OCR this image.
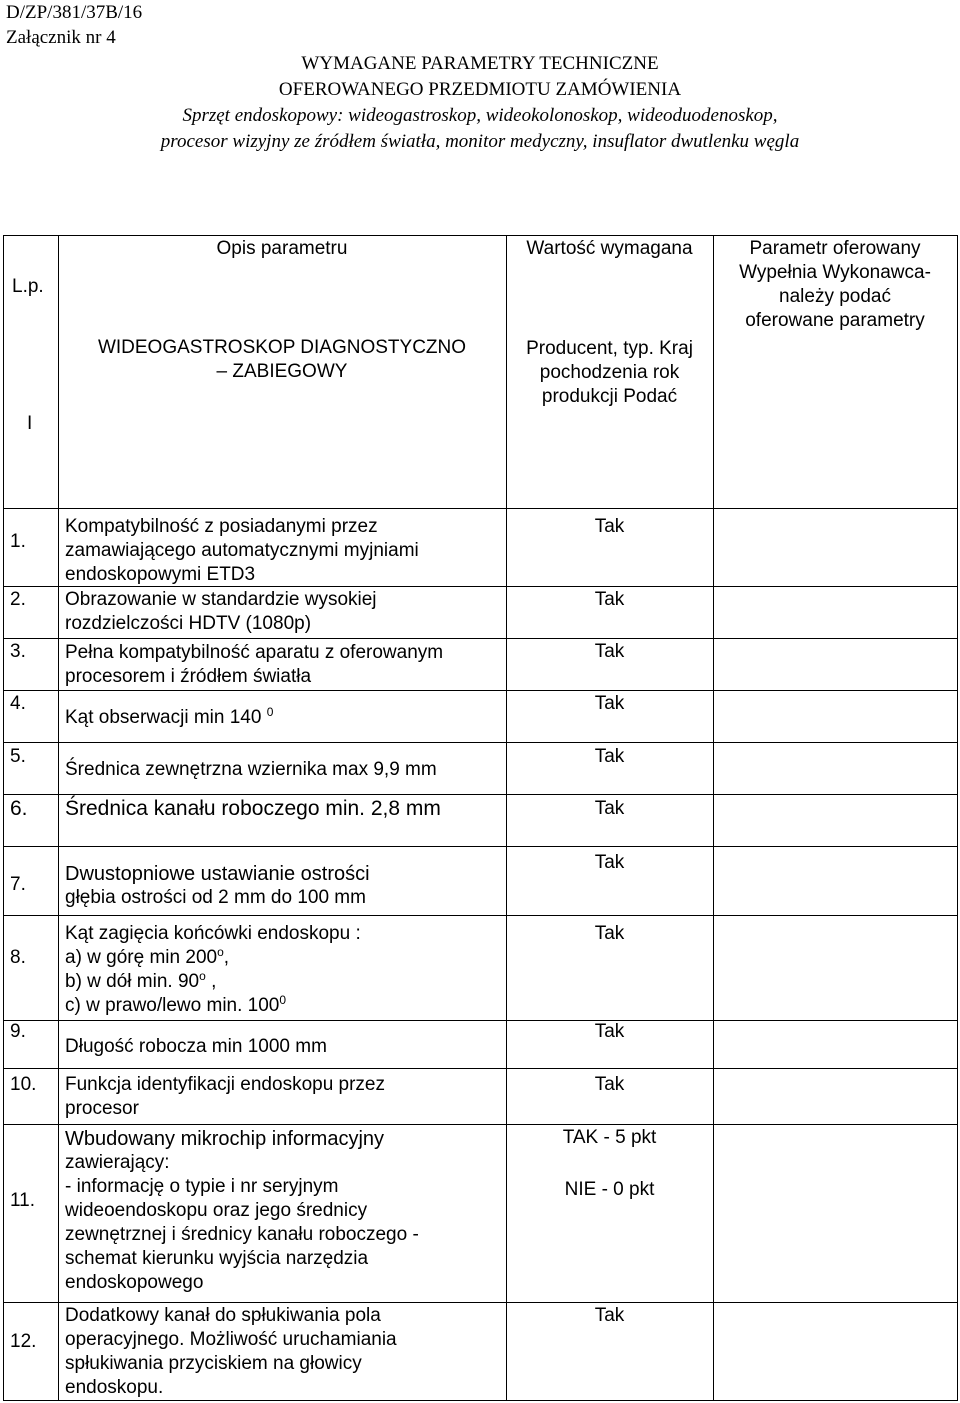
D/ZP/381/37B/16
Załącznik nr 4
WYMAGANE PARAMETRY TECHNICZNE
OFEROWANEGO PRZEDMIOTU ZAMÓWIENIA
Sprzęt endoskopowy: wideogastroskop, wideokolonoskop, wideoduodenoskop,
procesor wizyjny ze źródłem światła, monitor medyczny, insuflator dwutlenku węgla
L.p.
I
Opis parametru
WIDEOGASTROSKOP DIAGNOSTYCZNO
– ZABIEGOWY
Wartość wymagana
Producent, typ. Kraj
pochodzenia rok
produkcji Podać
Parametr oferowany
Wypełnia Wykonawca-
należy podać
oferowane parametry
1.
Kompatybilność z posiadanymi przez
zamawiającego automatycznymi myjniami
endoskopowymi ETD3
Tak
2. Obrazowanie w standardzie wysokiej
rozdzielczości HDTV (1080p)
Tak
3. Pełna kompatybilność aparatu z oferowanym
procesorem i źródłem światła
Tak
4.
Kąt obserwacji min 140 $^0$	Tak
5.
Średnica zewnętrzna wziernika max 9,9 mm
Tak
6. Średnica kanału roboczego min. 2,8 mm	Tak
7. Dwustopniowe ustawianie ostrości
głębia ostrości od 2 mm do 100 mm
Tak
8.
Kąt zagięcia końcówki endoskopu :
a) w górę min 200$^o$,
b) w dół min. 90$^o$ ,
c) w prawo/lewo min. $100^0$
Tak
9.
Długość robocza min 1000 mm
Tak
10. Funkcja identyfikacji endoskopu przez
procesor
Tak
11.
Wbudowany mikrochip informacyjny
zawierający:
- informację o typie i nr seryjnym
wideoendoskopu oraz jego średnicy
zewnętrznej i średnicy kanału roboczego -
schemat kierunku wyjścia narzędzia
endoskopowego
TAK - 5 pkt
NIE - 0 pkt
12.
Dodatkowy kanał do spłukiwania pola
operacyjnego. Możliwość uruchamiania
spłukiwania przyciskiem na głowicy
endoskopu.
Tak
